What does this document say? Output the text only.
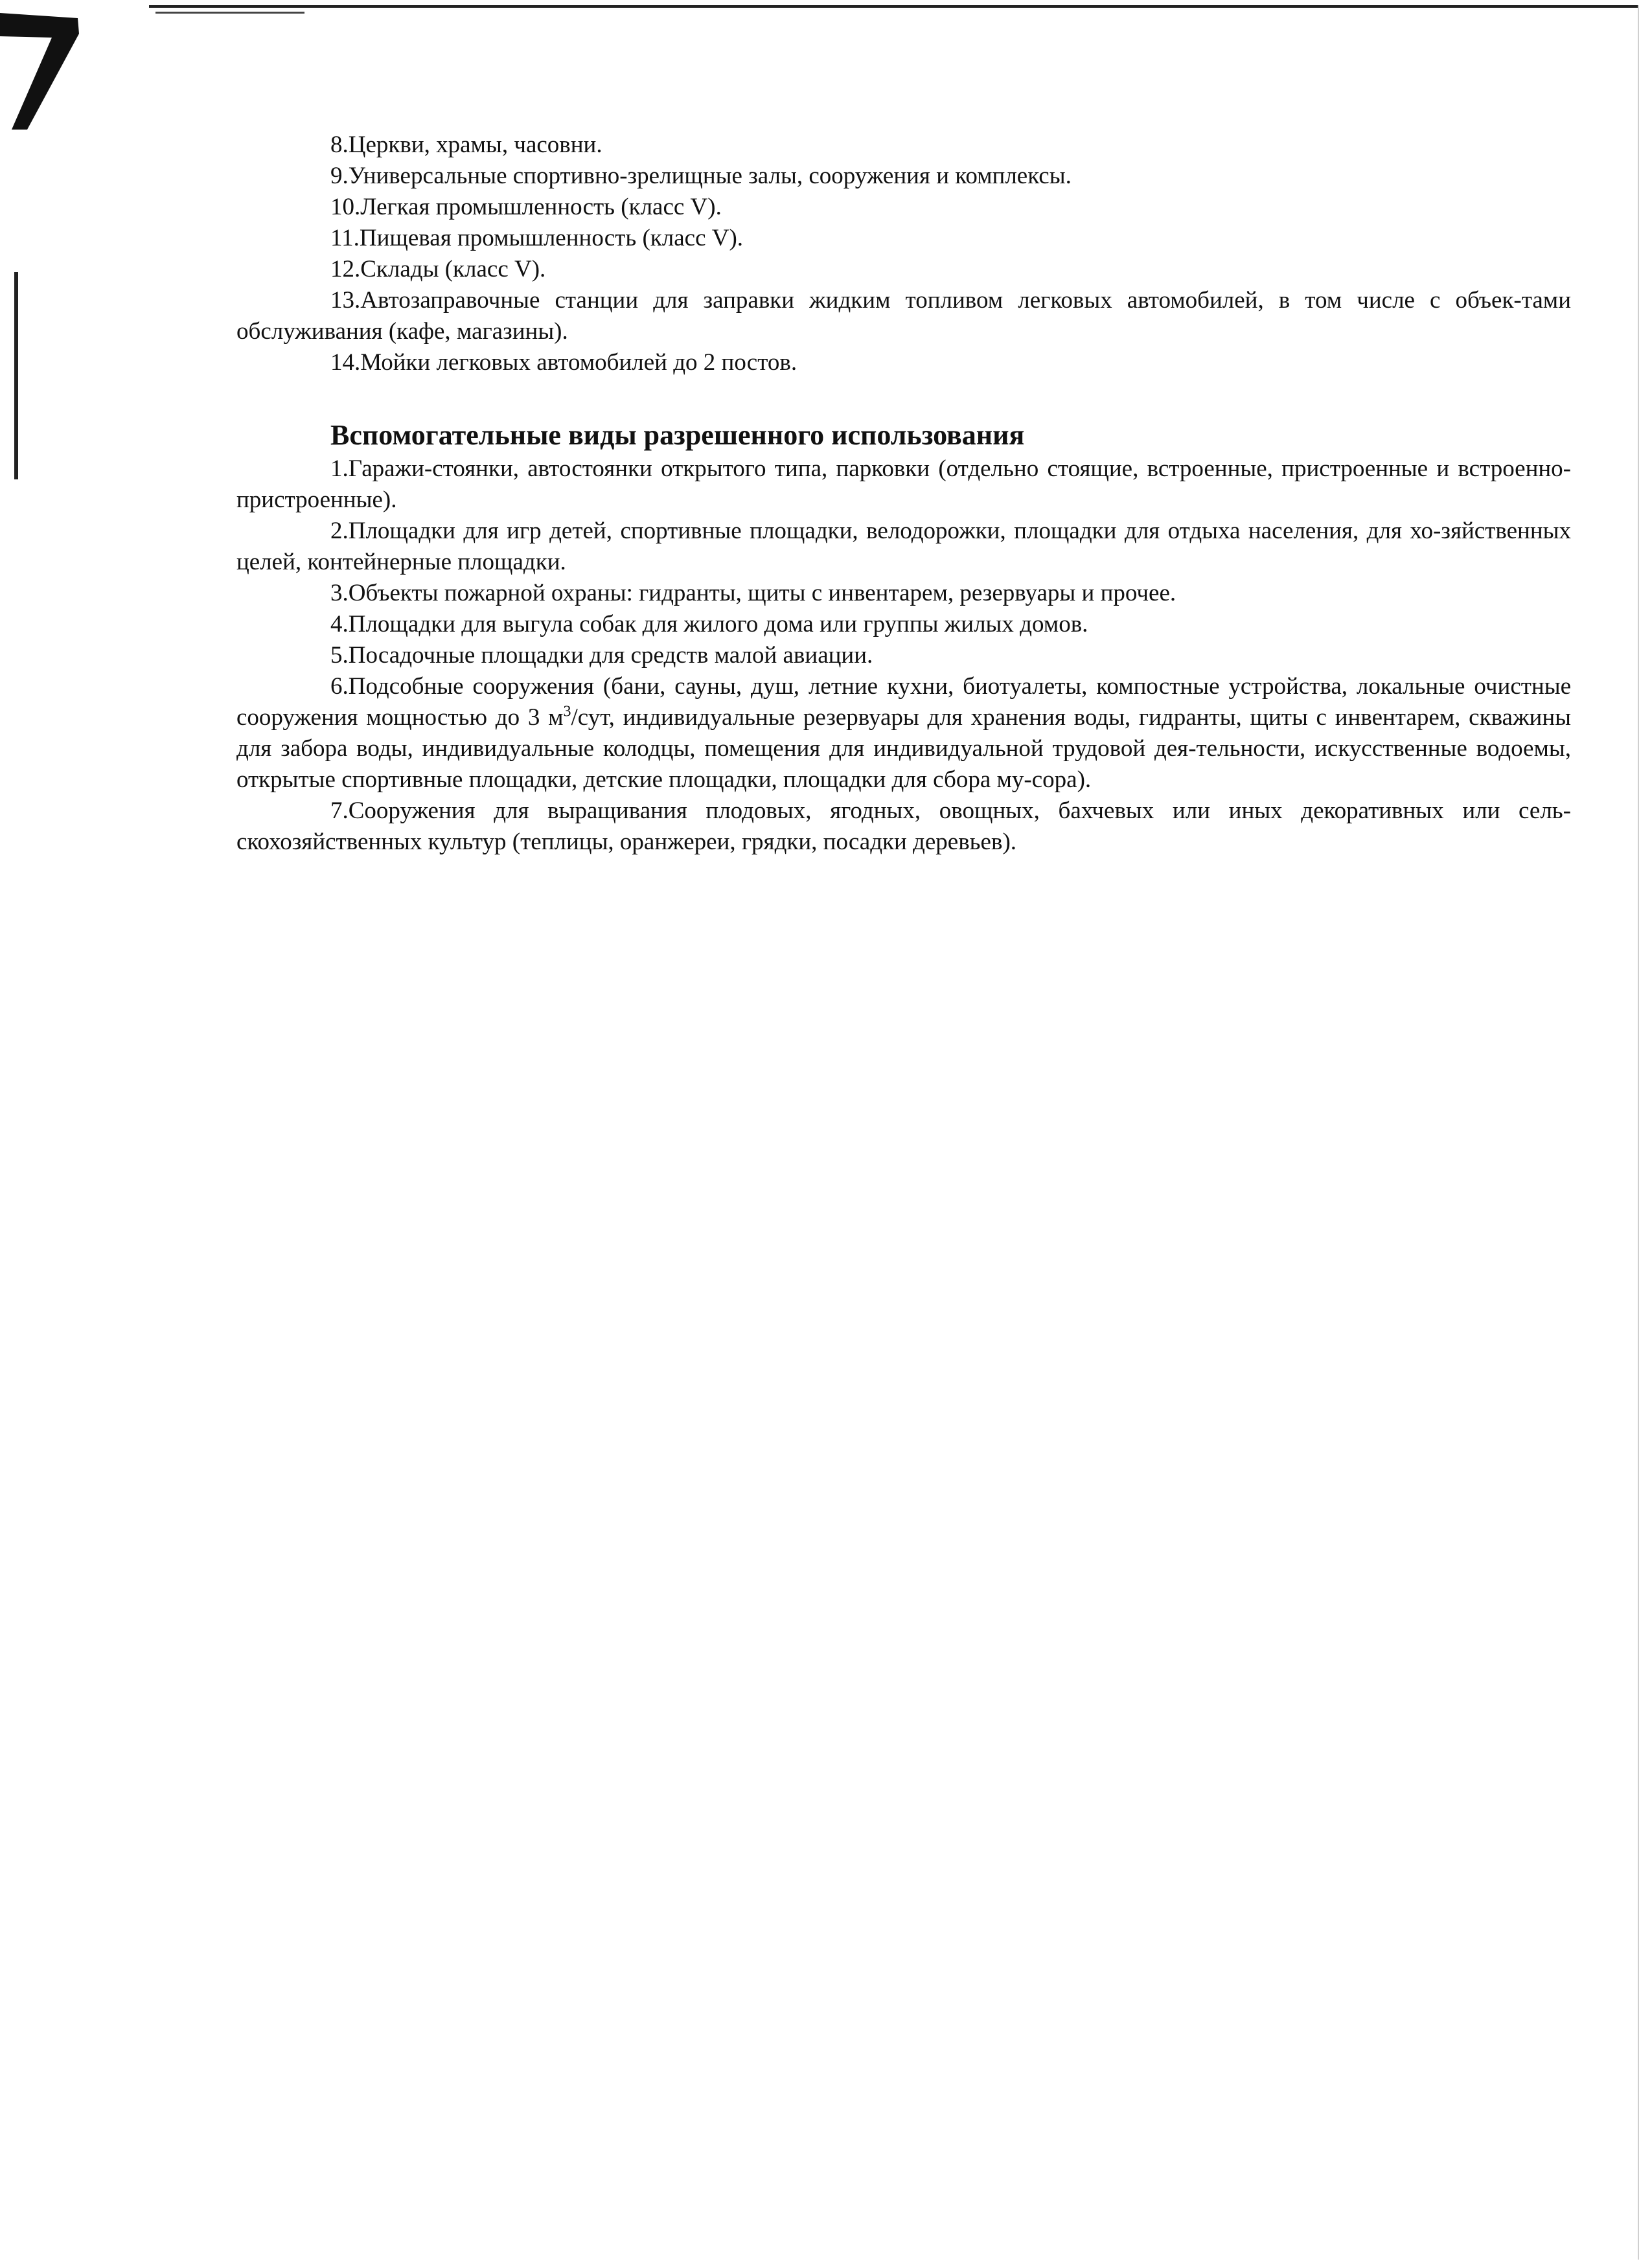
8.Церкви, храмы, часовни.

9.Универсальные спортивно-зрелищные залы, сооружения и комплексы.

10.Легкая промышленность (класс V).

11.Пищевая промышленность (класс V).

12.Склады (класс V).

13.Автозаправочные станции для заправки жидким топливом легковых автомобилей, в том числе с объек-тами обслуживания (кафе, магазины).

14.Мойки легковых автомобилей до 2 постов.

Вспомогательные виды разрешенного использования

1.Гаражи-стоянки, автостоянки открытого типа, парковки (отдельно стоящие, встроенные, пристроенные и встроенно-пристроенные).

2.Площадки для игр детей, спортивные площадки, велодорожки, площадки для отдыха населения, для хо-зяйственных целей, контейнерные площадки.

3.Объекты пожарной охраны: гидранты, щиты с инвентарем, резервуары и прочее.

4.Площадки для выгула собак для жилого дома или группы жилых домов.

5.Посадочные площадки для средств малой авиации.

6.Подсобные сооружения (бани, сауны, душ, летние кухни, биотуалеты, компостные устройства, локальные очистные сооружения мощностью до 3 $м^3$/сут, индивидуальные резервуары для хранения воды, гидранты, щиты с инвентарем, скважины для забора воды, индивидуальные колодцы, помещения для индивидуальной трудовой дея-тельности, искусственные водоемы, открытые спортивные площадки, детские площадки, площадки для сбора му-сора).

7.Сооружения для выращивания плодовых, ягодных, овощных, бахчевых или иных декоративных или сель-скохозяйственных культур (теплицы, оранжереи, грядки, посадки деревьев).
